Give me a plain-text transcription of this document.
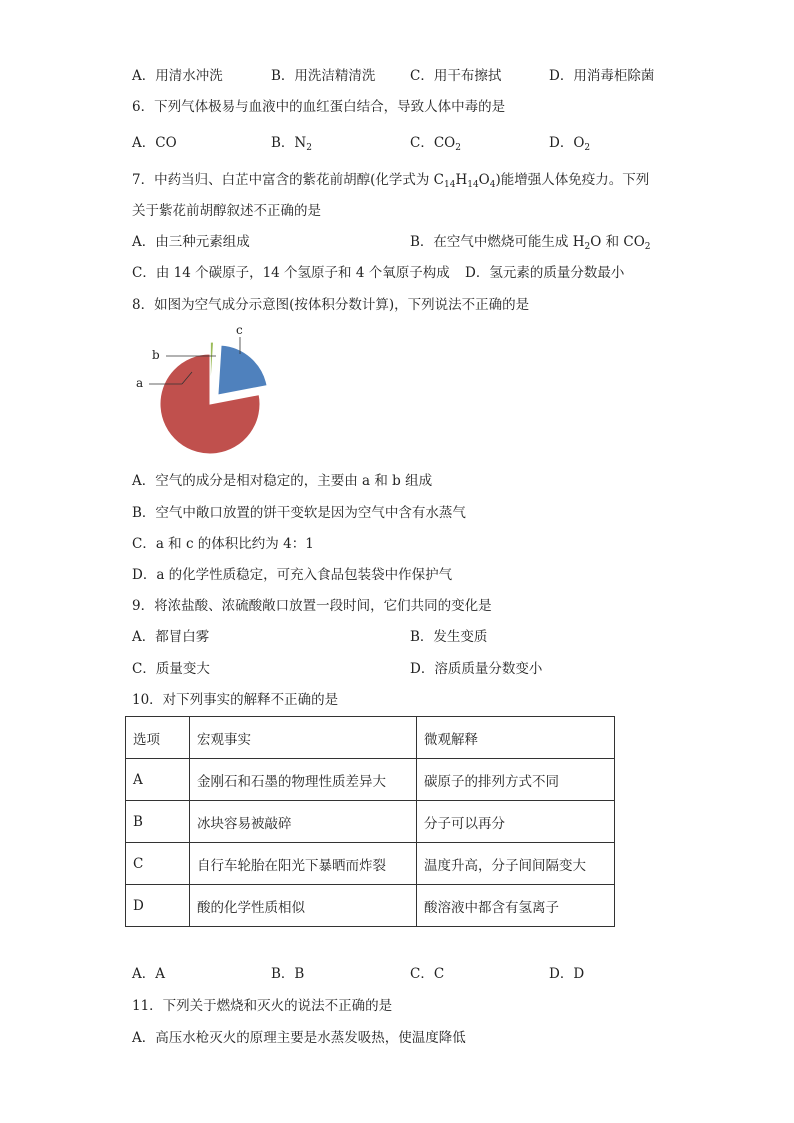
A．用清水冲洗	B．用洗洁精清洗	C．用干布擦拭	D．用消毒柜除菌
6．下列气体极易与血液中的血红蛋白结合，导致人体中毒的是
A．CO	B．$N_2$	C．$CO_2$	D．$O_2$
7．中药当归、白芷中富含的紫花前胡醇(化学式为 $C_{14}H_{14}O_4$)能增强人体免疫力。下列
关于紫花前胡醇叙述不正确的是
A．由三种元素组成	B．在空气中燃烧可能生成 $H_2O$ 和 $CO_2$
C．由 14 个碳原子，14 个氢原子和 4 个氧原子构成 D．氢元素的质量分数最小
8．如图为空气成分示意图(按体积分数计算)，下列说法不正确的是
a
b
c
A．空气的成分是相对稳定的，主要由 a 和 b 组成
B．空气中敞口放置的饼干变软是因为空气中含有水蒸气
C．a 和 c 的体积比约为 4：1
D．a 的化学性质稳定，可充入食品包装袋中作保护气
9．将浓盐酸、浓硫酸敞口放置一段时间，它们共同的变化是
A．都冒白雾	B．发生变质
C．质量变大	D．溶质质量分数变小
10．对下列事实的解释不正确的是
选项	宏观事实	微观解释
A	金刚石和石墨的物理性质差异大	碳原子的排列方式不同
B	冰块容易被敲碎	分子可以再分
C	自行车轮胎在阳光下暴晒而炸裂	温度升高，分子间间隔变大
D	酸的化学性质相似	酸溶液中都含有氢离子
A．A	B．B	C．C	D．D
11．下列关于燃烧和灭火的说法不正确的是
A．高压水枪灭火的原理主要是水蒸发吸热，使温度降低
